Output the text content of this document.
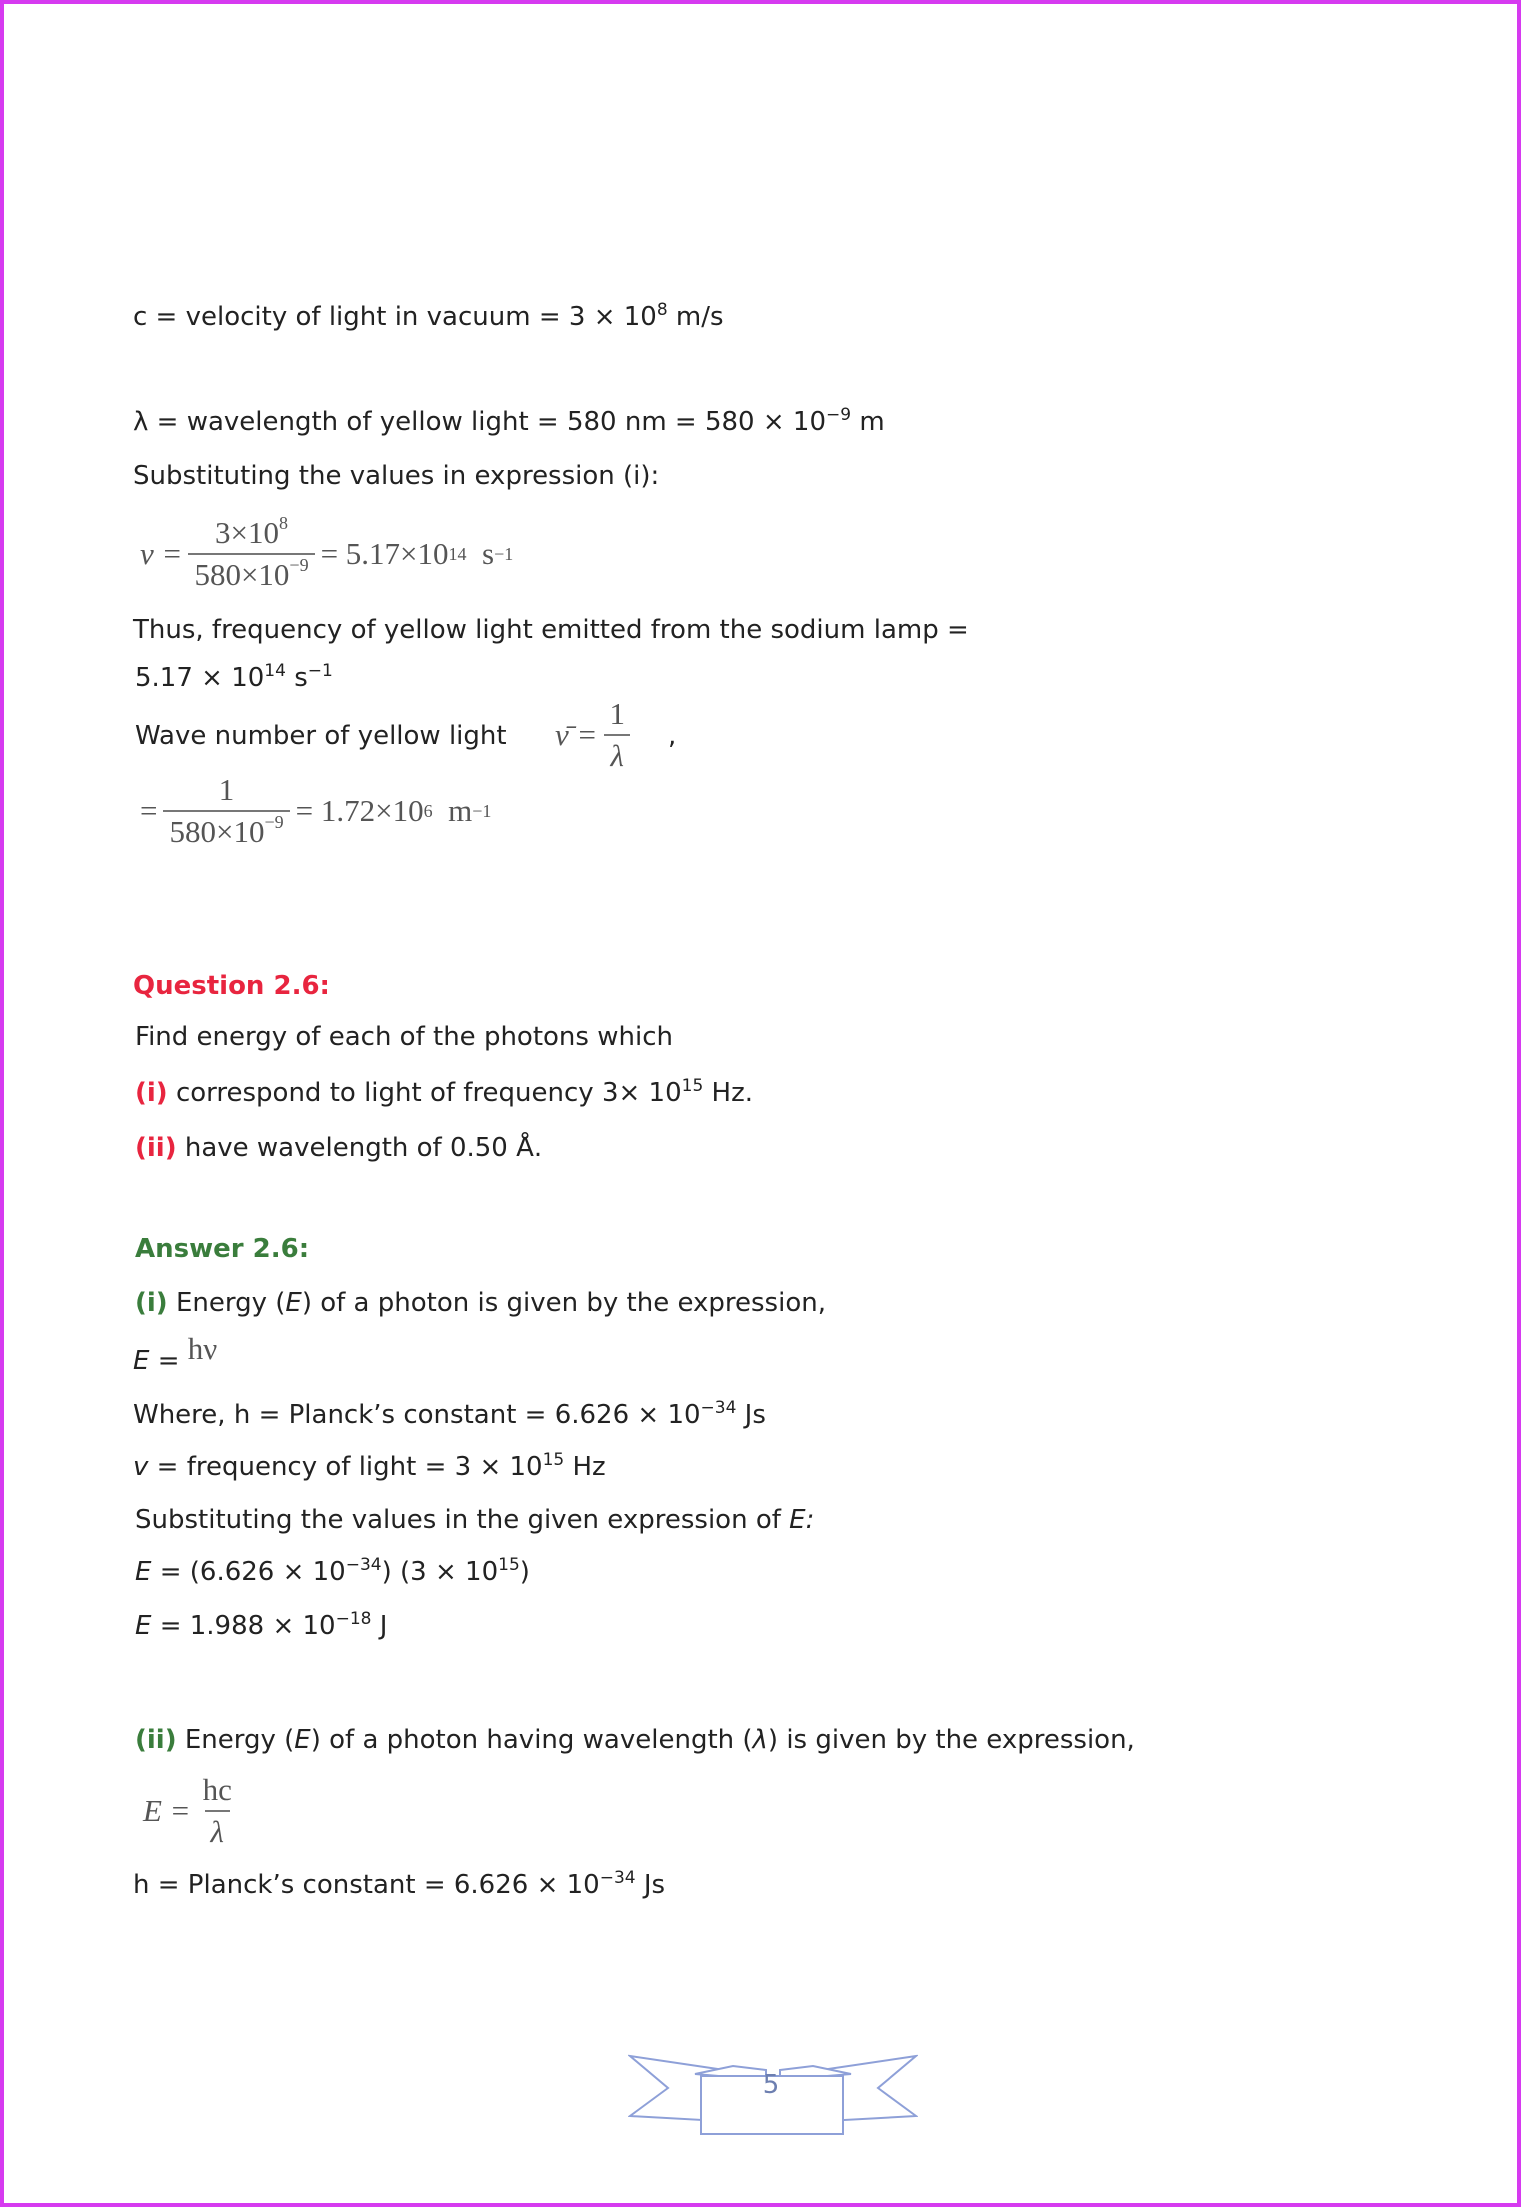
c = velocity of light in vacuum = $3 \times 10^8$ m/s
λ = wavelength of yellow light = 580 nm = $580 \times 10^{-9}$ m
Substituting the values in expression (i):
$\nu = \frac{3\times 10^8}{580\times 10^{-9}} = 5.17\times 10$ 14
s −1
Thus, frequency of yellow light emitted from the sodium lamp =
$5.17 \times 10^{14}$ $s^{-1}$
Wave number of yellow light ν̄ = $\frac{1}{\lambda}$ ,
= $\frac{1}{580\times 10^{-9}} = 1.72\times 10$ 6
m −1
Question 2.6:
Find energy of each of the photons which
(i) correspond to light of frequency $3\times 10^{15}$ Hz.
(ii) have wavelength of 0.50 Å.
Answer 2.6:
(i) Energy (E) of a photon is given by the expression,
E = hν
Where, h = Planck’s constant = $6.626 \times 10^{-34}$ Js
v = frequency of light = $3 \times 10^{15}$ Hz
Substituting the values in the given expression of E:
$E = (6.626 \times 10^{-34})$ $(3 \times 10^{15})$
$E = 1.988 \times 10^{-18}$ J
(ii) Energy (E) of a photon having wavelength (λ) is given by the expression,
$E = \frac{hc}{\lambda}$
h = Planck’s constant = $6.626 \times 10^{-34}$ Js
5
